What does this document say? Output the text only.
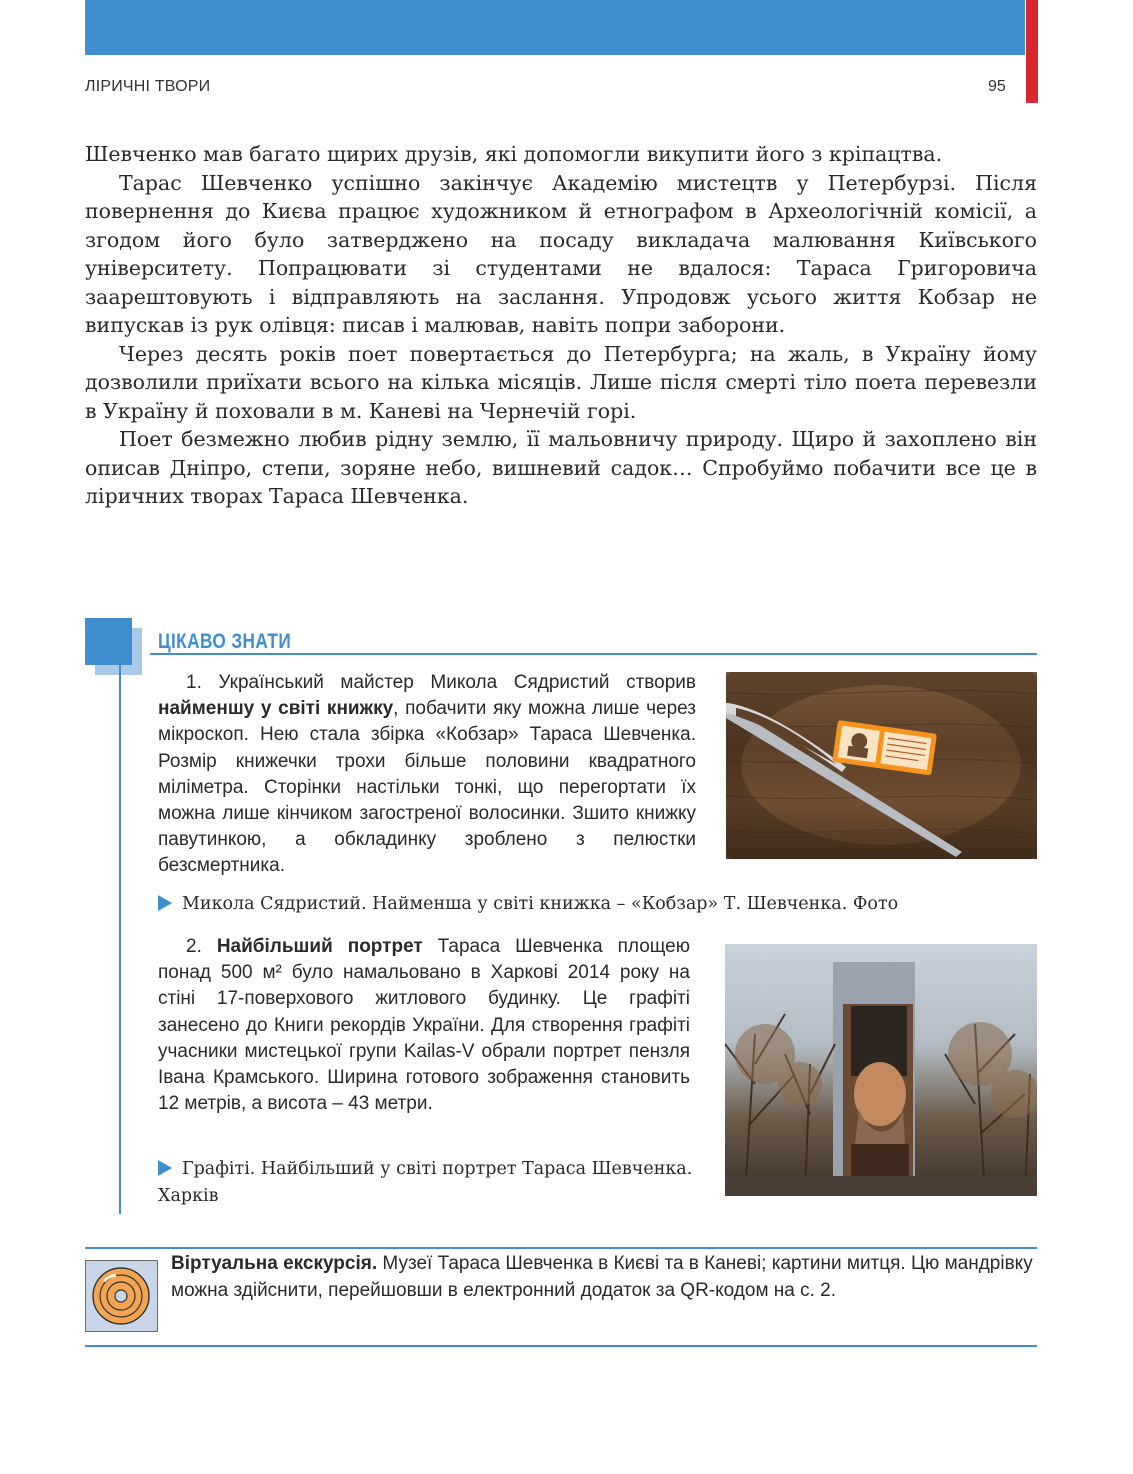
ЛІРИЧНІ ТВОРИ	95

Шевченко мав багато щирих друзів, які допомогли викупити його з кріпацтва.

Тарас Шевченко успішно закінчує Академію мистецтв у Петербурзі. Після повернення до Києва працює художником й етнографом в Археологічній комісії, а згодом його було затверджено на посаду викладача малювання Київського університету. Попрацювати зі студентами не вдалося: Тараса Григоровича заарештовують і відправляють на заслання. Упродовж усього життя Кобзар не випускав із рук олівця: писав і малював, навіть попри заборони.

Через десять років поет повертається до Петербурга; на жаль, в Україну йому дозволили приїхати всього на кілька місяців. Лише після смерті тіло поета перевезли в Україну й поховали в м. Каневі на Чернечій горі.

Поет безмежно любив рідну землю, її мальовничу природу. Щиро й захоплено він описав Дніпро, степи, зоряне небо, вишневий садок… Спробуймо побачити все це в ліричних творах Тараса Шевченка.

ЦІКАВО ЗНАТИ

1. Український майстер Микола Сядристий створив найменшу у світі книжку, побачити яку можна лише через мікроскоп. Нею стала збірка «Кобзар» Тараса Шевченка. Розмір книжечки трохи більше половини квадратного міліметра. Сторінки настільки тонкі, що перегортати їх можна лише кінчиком загостреної волосинки. Зшито книжку павутинкою, а обкладинку зроблено з пелюстки безсмертника.

Микола Сядристий. Найменша у світі книжка – «Кобзар» Т. Шевченка. Фото

2. Найбільший портрет Тараса Шевченка площею понад 500 м² було намальовано в Харкові 2014 року на стіні 17-поверхового житлового будинку. Це графіті занесено до Книги рекордів України. Для створення графіті учасники мистецької групи Kailas-V обрали портрет пензля Івана Крамського. Ширина готового зображення становить 12 метрів, а висота – 43 метри.

Графіті. Найбільший у світі портрет Тараса Шевченка. Харків

Віртуальна екскурсія. Музеї Тараса Шевченка в Києві та в Каневі; картини митця. Цю мандрівку можна здійснити, перейшовши в електронний додаток за QR-кодом на с. 2.
